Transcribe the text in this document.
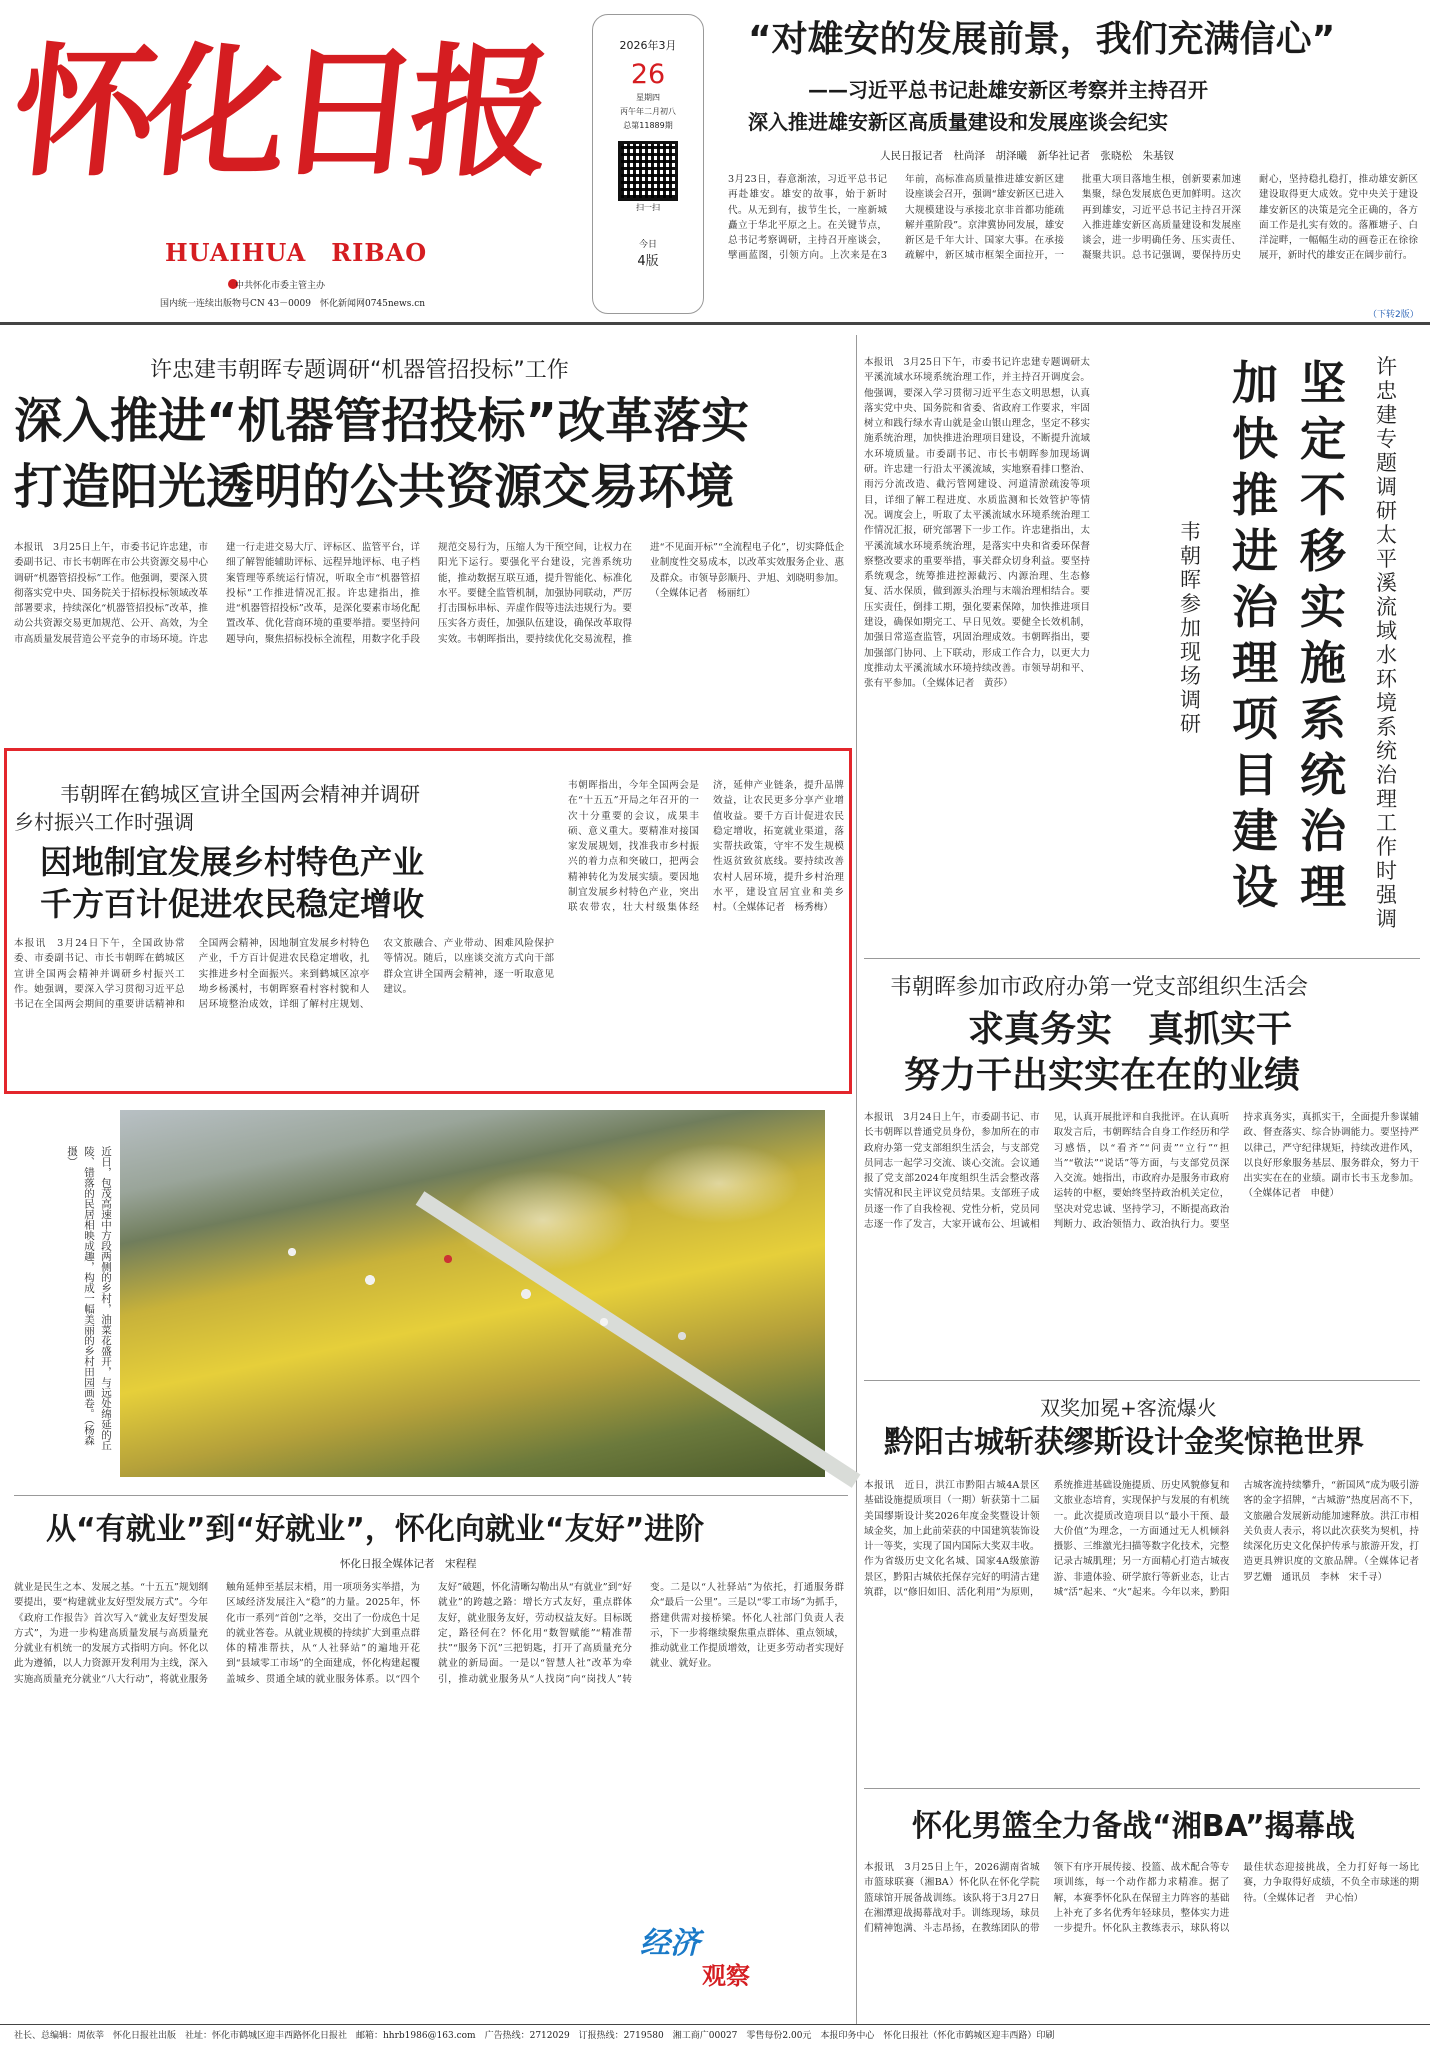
怀化日报
HUAIHUA　RIBAO
中共怀化市委主管主办
国内统一连续出版物号CN 43－0009　怀化新闻网0745news.cn
2026年3月
26
星期四
丙午年二月初八
总第11889期
扫一扫
今日
4版
“对雄安的发展前景，我们充满信心”
——习近平总书记赴雄安新区考察并主持召开
深入推进雄安新区高质量建设和发展座谈会纪实
人民日报记者　杜尚泽　胡泽曦　新华社记者　张晓松　朱基钗
3月23日，春意渐浓，习近平总书记再赴雄安。雄安的故事，始于新时代。从无到有，拔节生长，一座新城矗立于华北平原之上。在关键节点，总书记考察调研，主持召开座谈会，擘画蓝图，引领方向。上次来是在3年前，高标准高质量推进雄安新区建设座谈会召开，强调“雄安新区已进入大规模建设与承接北京非首都功能疏解并重阶段”。京津冀协同发展，雄安新区是千年大计、国家大事。在承接疏解中，新区城市框架全面拉开，一批重大项目落地生根，创新要素加速集聚，绿色发展底色更加鲜明。这次再到雄安，习近平总书记主持召开深入推进雄安新区高质量建设和发展座谈会，进一步明确任务、压实责任、凝聚共识。总书记强调，要保持历史耐心，坚持稳扎稳打，推动雄安新区建设取得更大成效。党中央关于建设雄安新区的决策是完全正确的，各方面工作是扎实有效的。落雁塘子、白洋淀畔，一幅幅生动的画卷正在徐徐展开，新时代的雄安正在阔步前行。
（下转2版）
许忠建韦朝晖专题调研“机器管招投标”工作
深入推进“机器管招投标”改革落实
打造阳光透明的公共资源交易环境
本报讯　3月25日上午，市委书记许忠建，市委副书记、市长韦朝晖在市公共资源交易中心调研“机器管招投标”工作。他强调，要深入贯彻落实党中央、国务院关于招标投标领域改革部署要求，持续深化“机器管招投标”改革，推动公共资源交易更加规范、公开、高效，为全市高质量发展营造公平竞争的市场环境。许忠建一行走进交易大厅、评标区、监管平台，详细了解智能辅助评标、远程异地评标、电子档案管理等系统运行情况，听取全市“机器管招投标”工作推进情况汇报。许忠建指出，推进“机器管招投标”改革，是深化要素市场化配置改革、优化营商环境的重要举措。要坚持问题导向，聚焦招标投标全流程，用数字化手段规范交易行为，压缩人为干预空间，让权力在阳光下运行。要强化平台建设，完善系统功能，推动数据互联互通，提升智能化、标准化水平。要健全监管机制，加强协同联动，严厉打击围标串标、弄虚作假等违法违规行为。要压实各方责任，加强队伍建设，确保改革取得实效。韦朝晖指出，要持续优化交易流程，推进“不见面开标”“全流程电子化”，切实降低企业制度性交易成本，以改革实效服务企业、惠及群众。市领导彭顺丹、尹旭、刘晓明参加。（全媒体记者　杨丽红）
韦朝晖在鹤城区宣讲全国两会精神并调研
乡村振兴工作时强调
因地制宜发展乡村特色产业
千方百计促进农民稳定增收
本报讯　3月24日下午，全国政协常委、市委副书记、市长韦朝晖在鹤城区宣讲全国两会精神并调研乡村振兴工作。她强调，要深入学习贯彻习近平总书记在全国两会期间的重要讲话精神和全国两会精神，因地制宜发展乡村特色产业，千方百计促进农民稳定增收，扎实推进乡村全面振兴。来到鹤城区凉亭坳乡杨溪村，韦朝晖察看村容村貌和人居环境整治成效，详细了解村庄规划、农文旅融合、产业带动、困难风险保护等情况。随后，以座谈交流方式向干部群众宣讲全国两会精神，逐一听取意见建议。
韦朝晖指出，今年全国两会是在“十五五”开局之年召开的一次十分重要的会议，成果丰硕、意义重大。要精准对接国家发展规划，找准我市乡村振兴的着力点和突破口，把两会精神转化为发展实绩。要因地制宜发展乡村特色产业，突出联农带农，壮大村级集体经济，延伸产业链条，提升品牌效益，让农民更多分享产业增值收益。要千方百计促进农民稳定增收，拓宽就业渠道，落实帮扶政策，守牢不发生规模性返贫致贫底线。要持续改善农村人居环境，提升乡村治理水平，建设宜居宜业和美乡村。（全媒体记者　杨秀梅）
本报讯　3月25日下午，市委书记许忠建专题调研太平溪流域水环境系统治理工作，并主持召开调度会。他强调，要深入学习贯彻习近平生态文明思想，认真落实党中央、国务院和省委、省政府工作要求，牢固树立和践行绿水青山就是金山银山理念，坚定不移实施系统治理，加快推进治理项目建设，不断提升流域水环境质量。市委副书记、市长韦朝晖参加现场调研。许忠建一行沿太平溪流域，实地察看排口整治、雨污分流改造、截污管网建设、河道清淤疏浚等项目，详细了解工程进度、水质监测和长效管护等情况。调度会上，听取了太平溪流域水环境系统治理工作情况汇报，研究部署下一步工作。许忠建指出，太平溪流域水环境系统治理，是落实中央和省委环保督察整改要求的重要举措，事关群众切身利益。要坚持系统观念，统筹推进控源截污、内源治理、生态修复、活水保质，做到源头治理与末端治理相结合。要压实责任，倒排工期，强化要素保障，加快推进项目建设，确保如期完工、早日见效。要健全长效机制，加强日常巡查监管，巩固治理成效。韦朝晖指出，要加强部门协同、上下联动，形成工作合力，以更大力度推动太平溪流域水环境持续改善。市领导胡和平、张有平参加。（全媒体记者　黄莎）
韦朝晖参加现场调研
加快推进治理项目建设
坚定不移实施系统治理
许忠建专题调研太平溪流域水环境系统治理工作时强调
韦朝晖参加市政府办第一党支部组织生活会
求真务实　真抓实干
努力干出实实在在的业绩
本报讯　3月24日上午，市委副书记、市长韦朝晖以普通党员身份，参加所在的市政府办第一党支部组织生活会，与支部党员同志一起学习交流、谈心交流。会议通报了党支部2024年度组织生活会整改落实情况和民主评议党员结果。支部班子成员逐一作了自我检视、党性分析，党员同志逐一作了发言，大家开诚布公、坦诚相见，认真开展批评和自我批评。在认真听取发言后，韦朝晖结合自身工作经历和学习感悟，以“看齐”“问责”“立行”“担当”“敬法”“说话”等方面，与支部党员深入交流。她指出，市政府办是服务市政府运转的中枢，要始终坚持政治机关定位，坚决对党忠诚、坚持学习，不断提高政治判断力、政治领悟力、政治执行力。要坚持求真务实，真抓实干，全面提升参谋辅政、督查落实、综合协调能力。要坚持严以律己，严守纪律规矩，持续改进作风，以良好形象服务基层、服务群众，努力干出实实在在的业绩。副市长韦玉龙参加。（全媒体记者　申健）
近日，包茂高速中方段两侧的乡村，油菜花盛开，与远处绵延的丘陵、错落的民居相映成趣，构成一幅美丽的乡村田园画卷。（杨森　摄）
从“有就业”到“好就业”，怀化向就业“友好”进阶
怀化日报全媒体记者　宋程程
就业是民生之本、发展之基。“十五五”规划纲要提出，要“构建就业友好型发展方式”。今年《政府工作报告》首次写入“就业友好型发展方式”，为进一步构建高质量发展与高质量充分就业有机统一的发展方式指明方向。怀化以此为遵循，以人力资源开发利用为主线，深入实施高质量充分就业“八大行动”，将就业服务触角延伸至基层末梢，用一项项务实举措，为区域经济发展注入“稳”的力量。2025年，怀化市一系列“首创”之举，交出了一份成色十足的就业答卷。从就业规模的持续扩大到重点群体的精准帮扶，从“人社驿站”的遍地开花到“县域零工市场”的全面建成，怀化构建起覆盖城乡、贯通全域的就业服务体系。以“四个友好”破题，怀化清晰勾勒出从“有就业”到“好就业”的跨越之路：增长方式友好，重点群体友好，就业服务友好，劳动权益友好。目标既定，路径何在？怀化用“数智赋能”“精准帮扶”“服务下沉”三把钥匙，打开了高质量充分就业的新局面。一是以“智慧人社”改革为牵引，推动就业服务从“人找岗”向“岗找人”转变。二是以“人社驿站”为依托，打通服务群众“最后一公里”。三是以“零工市场”为抓手，搭建供需对接桥梁。怀化人社部门负责人表示，下一步将继续聚焦重点群体、重点领域，推动就业工作提质增效，让更多劳动者实现好就业、就好业。
经济
观察
双奖加冕+客流爆火
黔阳古城斩获缪斯设计金奖惊艳世界
本报讯　近日，洪江市黔阳古城4A景区基础设施提质项目（一期）斩获第十二届美国缪斯设计奖2026年度金奖暨设计领域金奖，加上此前荣获的中国建筑装饰设计一等奖，实现了国内国际大奖双丰收。作为省级历史文化名城、国家4A级旅游景区，黔阳古城依托保存完好的明清古建筑群，以“修旧如旧、活化利用”为原则，系统推进基础设施提质、历史风貌修复和文旅业态培育，实现保护与发展的有机统一。此次提质改造项目以“最小干预、最大价值”为理念，一方面通过无人机倾斜摄影、三维激光扫描等数字化技术，完整记录古城肌理；另一方面精心打造古城夜游、非遗体验、研学旅行等新业态，让古城“活”起来、“火”起来。今年以来，黔阳古城客流持续攀升，“新国风”成为吸引游客的金字招牌，“古城游”热度居高不下，文旅融合发展新动能加速释放。洪江市相关负责人表示，将以此次获奖为契机，持续深化历史文化保护传承与旅游开发，打造更具辨识度的文旅品牌。（全媒体记者　罗艺姗　通讯员　李林　宋千寻）
怀化男篮全力备战“湘BA”揭幕战
本报讯　3月25日上午，2026湖南省城市篮球联赛（湘BA）怀化队在怀化学院篮球馆开展备战训练。该队将于3月27日在湘潭迎战揭幕战对手。训练现场，球员们精神饱满、斗志昂扬，在教练团队的带领下有序开展传接、投篮、战术配合等专项训练，每一个动作都力求精准。据了解，本赛季怀化队在保留主力阵容的基础上补充了多名优秀年轻球员，整体实力进一步提升。怀化队主教练表示，球队将以最佳状态迎接挑战，全力打好每一场比赛，力争取得好成绩，不负全市球迷的期待。（全媒体记者　尹心怡）
社长、总编辑：周依莘　怀化日报社出版　社址：怀化市鹤城区迎丰西路怀化日报社　邮箱：hhrb1986@163.com　广告热线：2712029　订报热线：2719580　湘工商广00027　零售每份2.00元　本报印务中心　怀化日报社（怀化市鹤城区迎丰西路）印刷
